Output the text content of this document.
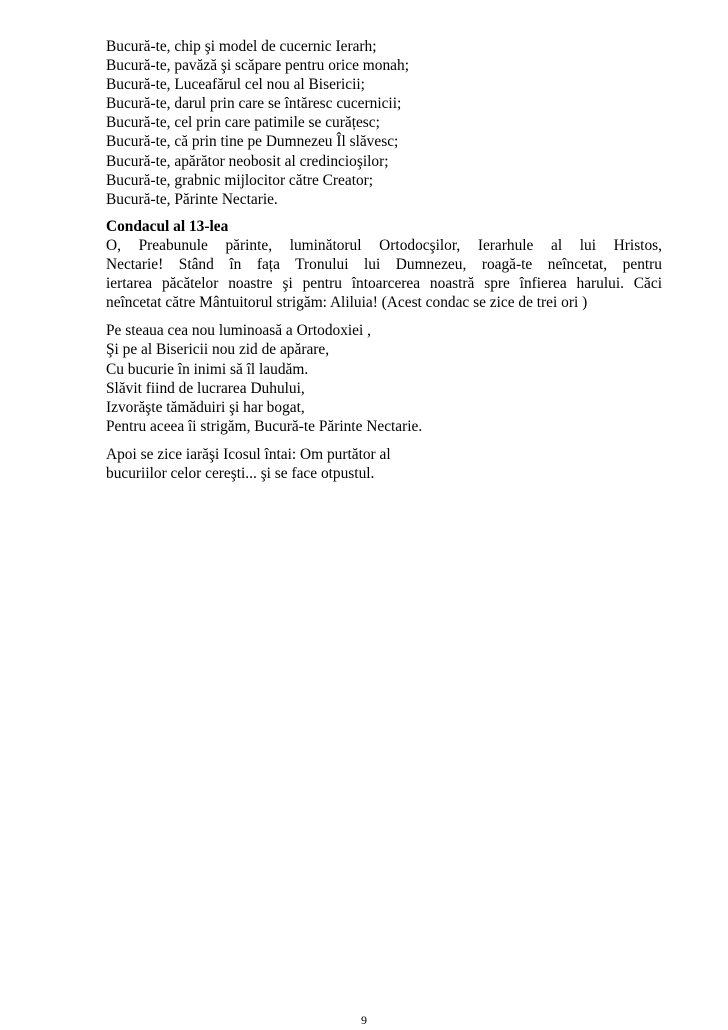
Bucură-te, chip şi model de cucernic Ierarh;
Bucură-te, pavăză şi scăpare pentru orice monah;
Bucură-te, Luceafărul cel nou al Bisericii;
Bucură-te, darul prin care se întăresc cucernicii;
Bucură-te, cel prin care patimile se curățesc;
Bucură-te, că prin tine pe Dumnezeu Îl slăvesc;
Bucură-te, apărător neobosit al credincioşilor;
Bucură-te, grabnic mijlocitor către Creator;
Bucură-te, Părinte Nectarie.
Condacul al 13-lea
O, Preabunule părinte, luminătorul Ortodocşilor, Ierarhule al lui Hristos,
Nectarie! Stând în fața Tronului lui Dumnezeu, roagă-te neîncetat, pentru
iertarea păcătelor noastre şi pentru întoarcerea noastră spre înfierea harului. Căci
neîncetat către Mântuitorul strigăm: Aliluia! (Acest condac se zice de trei ori )
Pe steaua cea nou luminoasă a Ortodoxiei ,
Şi pe al Bisericii nou zid de apărare,
Cu bucurie în inimi să îl laudăm.
Slăvit fiind de lucrarea Duhului,
Izvorăşte tămăduiri şi har bogat,
Pentru aceea îi strigăm, Bucură-te Părinte Nectarie.
Apoi se zice iarăşi Icosul întai: Om purtător al
bucuriilor celor cereşti... şi se face otpustul.
9
